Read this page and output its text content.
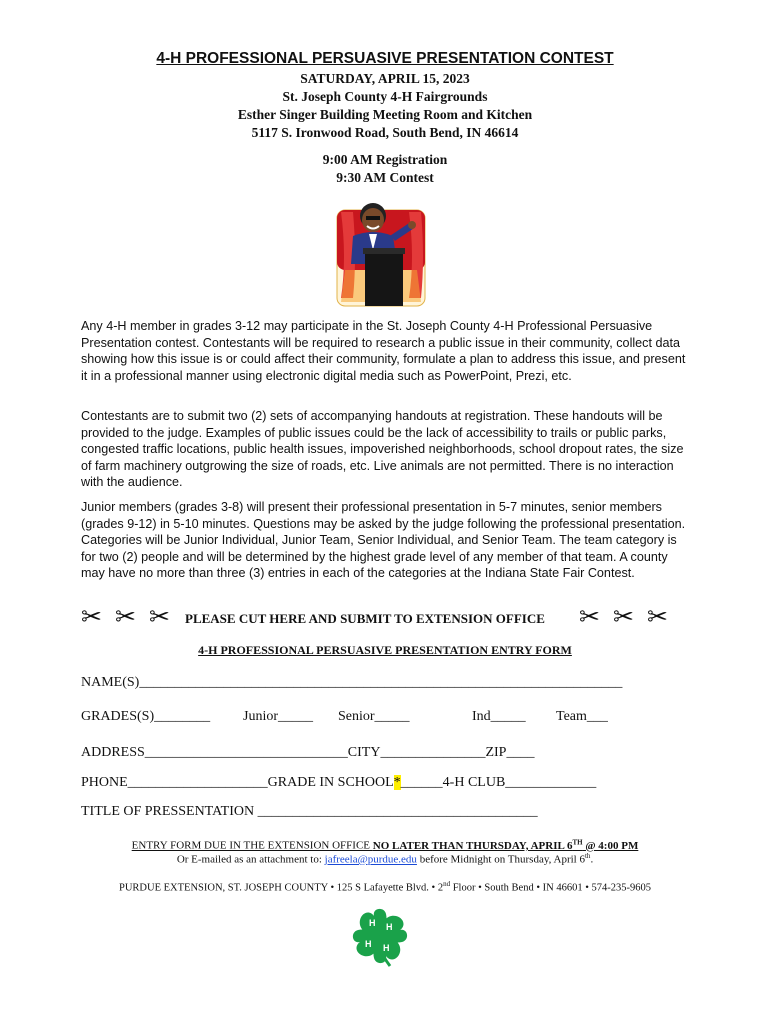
4-H PROFESSIONAL PERSUASIVE PRESENTATION CONTEST
SATURDAY, APRIL 15, 2023
St. Joseph County 4-H Fairgrounds
Esther Singer Building Meeting Room and Kitchen
5117 S. Ironwood Road, South Bend, IN 46614
9:00 AM Registration
9:30 AM Contest
Any 4-H member in grades 3-12 may participate in the St. Joseph County 4-H Professional Persuasive Presentation contest. Contestants will be required to research a public issue in their community, collect data showing how this issue is or could affect their community, formulate a plan to address this issue, and present it in a professional manner using electronic digital media such as PowerPoint, Prezi, etc.
Contestants are to submit two (2) sets of accompanying handouts at registration. These handouts will be provided to the judge. Examples of public issues could be the lack of accessibility to trails or public parks, congested traffic locations, public health issues, impoverished neighborhoods, school dropout rates, the size of farm machinery outgrowing the size of roads, etc. Live animals are not permitted. There is no interaction with the audience.
Junior members (grades 3-8) will present their professional presentation in 5-7 minutes, senior members (grades 9-12) in 5-10 minutes. Questions may be asked by the judge following the professional presentation. Categories will be Junior Individual, Junior Team, Senior Individual, and Senior Team. The team category is for two (2) people and will be determined by the highest grade level of any member of that team. A county may have no more than three (3) entries in each of the categories at the Indiana State Fair Contest.
✂ ✂ ✂ PLEASE CUT HERE AND SUBMIT TO EXTENSION OFFICE ✂ ✂ ✂
4-H PROFESSIONAL PERSUASIVE PRESENTATION ENTRY FORM
NAME(S)_____________________________________________________________________
GRADES(S)________ Junior_____ Senior_____	Ind_____ Team___
ADDRESS_____________________________CITY_______________ZIP____
PHONE____________________GRADE IN SCHOOL*______4-H CLUB_____________
TITLE OF PRESSENTATION ________________________________________
ENTRY FORM DUE IN THE EXTENSION OFFICE NO LATER THAN THURSDAY, APRIL 6TH @ 4:00 PM
Or E-mailed as an attachment to: jafreela@purdue.edu before Midnight on Thursday, April 6th.
PURDUE EXTENSION, ST. JOSEPH COUNTY • 125 S Lafayette Blvd. • 2nd Floor • South Bend • IN 46601 • 574-235-9605
H H
H
H
